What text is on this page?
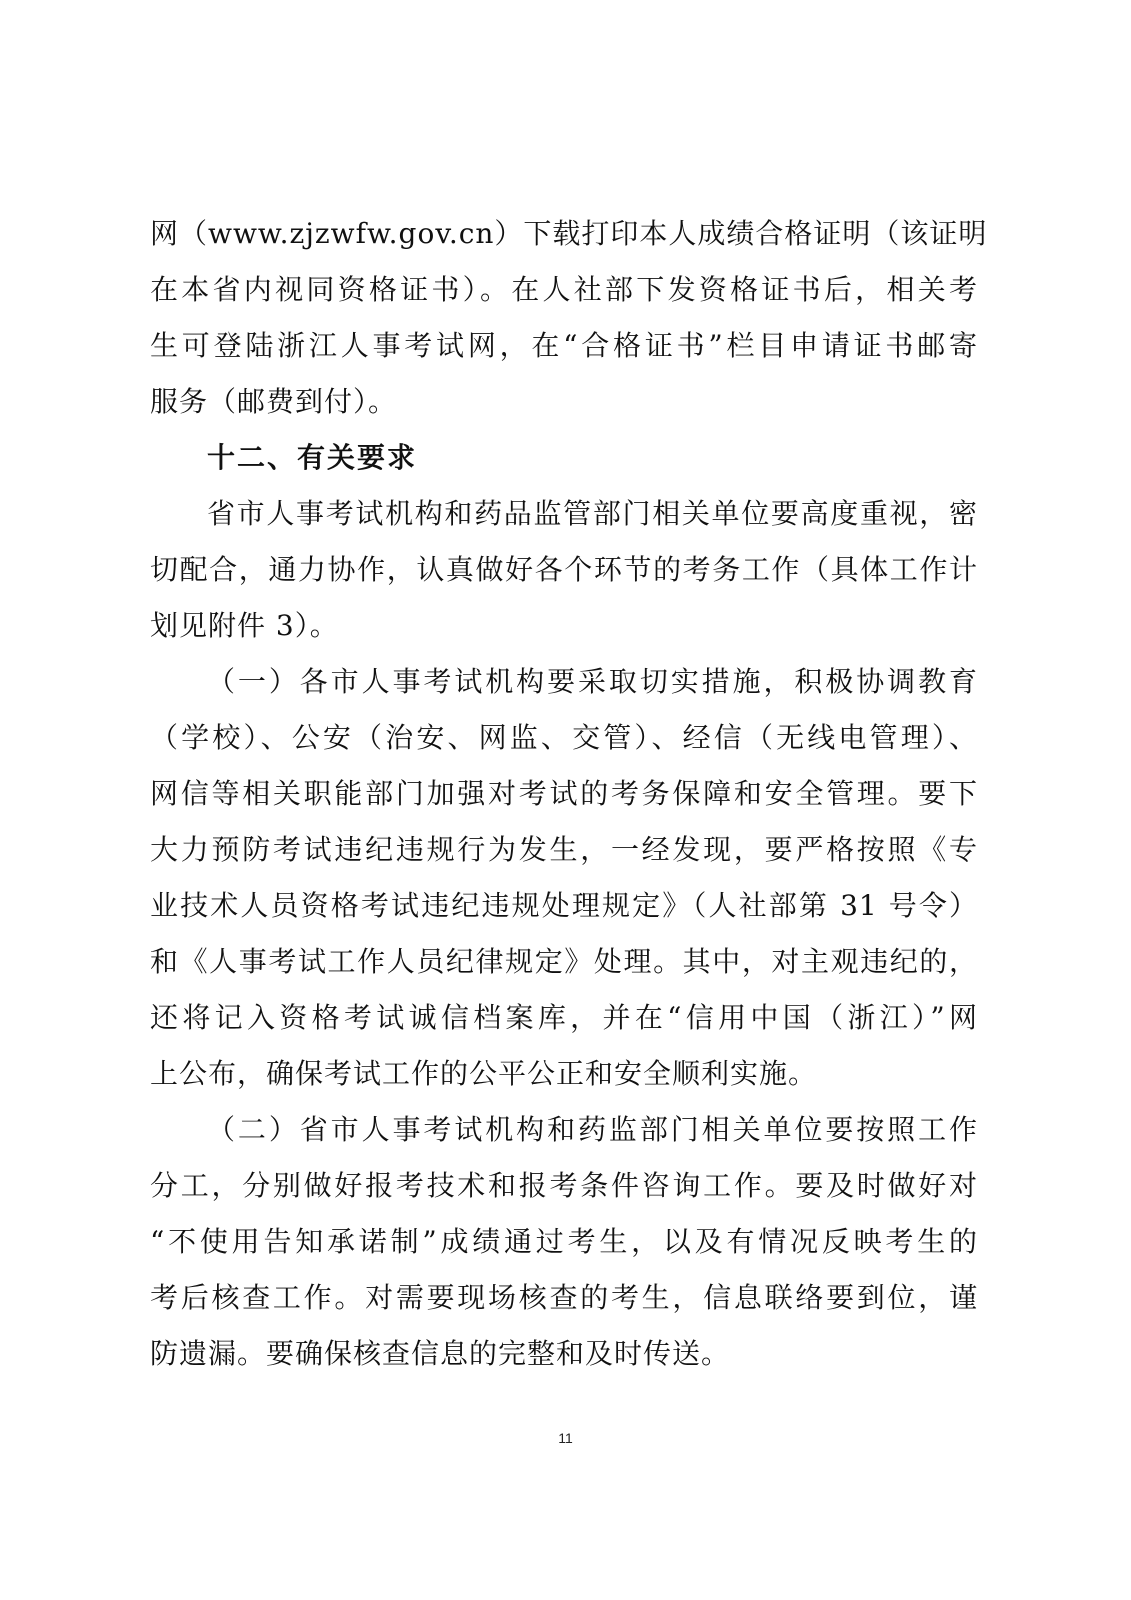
网（www.zjzwfw.gov.cn）下载打印本人成绩合格证明（该证明
在本省内视同资格证书）。在人社部下发资格证书后，相关考
生可登陆浙江人事考试网，在“合格证书”栏目申请证书邮寄
服务（邮费到付）。
十二、有关要求
省市人事考试机构和药品监管部门相关单位要高度重视，密
切配合，通力协作，认真做好各个环节的考务工作（具体工作计
划见附件 3）。
（一）各市人事考试机构要采取切实措施，积极协调教育
（学校）、公安（治安、网监、交管）、经信（无线电管理）、
网信等相关职能部门加强对考试的考务保障和安全管理。要下
大力预防考试违纪违规行为发生，一经发现，要严格按照《专
业技术人员资格考试违纪违规处理规定》（人社部第 31 号令）
和《人事考试工作人员纪律规定》处理。其中，对主观违纪的，
还将记入资格考试诚信档案库，并在“信用中国（浙江）”网
上公布，确保考试工作的公平公正和安全顺利实施。
（二）省市人事考试机构和药监部门相关单位要按照工作
分工，分别做好报考技术和报考条件咨询工作。要及时做好对
“不使用告知承诺制”成绩通过考生，以及有情况反映考生的
考后核查工作。对需要现场核查的考生，信息联络要到位，谨
防遗漏。要确保核查信息的完整和及时传送。
11
